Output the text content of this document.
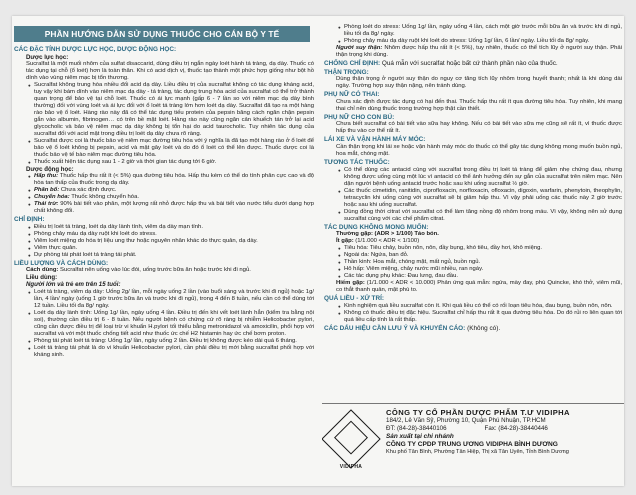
PHẦN HƯỚNG DẪN SỬ DỤNG THUỐC CHO CÁN BỘ Y TẾ
CÁC ĐẶC TÍNH DƯỢC LỰC HỌC, DƯỢC ĐỘNG HỌC:
Dược lực học:

Sucralfat là một muối nhôm của sulfat disaccarid, dùng điều trị ngắn ngày loét hành tá tràng, dạ dày. Thuốc có tác dụng tại chỗ (ổ loét) hơn là toàn thân. Khi có acid dịch vị, thuốc tạo thành một phức hợp giống như bột hồ dính vào vùng niêm mạc bị tổn thương.

● Sucralfat không trung hòa nhiều đối acid dạ dày. Liều điều trị của sucralfat không có tác dụng kháng acid, tuy vậy khi bám dính vào niêm mạc dạ dày - tá tràng, tác dụng trung hòa acid của sucralfat có thể trở thành quan trọng để bảo vệ tại chỗ loét. Thuốc có ái lực mạnh (gấp 6 - 7 lần so với niêm mạc dạ dày bình thường) đối với vùng loét và ái lực đối với ổ loét tá tràng lớn hơn loét dạ dày. Sucralfat đã tạo ra một hàng rào bảo vệ ổ loét. Hàng rào này đã có thể tác dụng tiếu protein của pepsin băng cách ngăn chặn pepsin gắn vào albumin, fibrinogen… có trên bề mặt loét. Hàng rào này cũng ngăn cản khuếch tán trở lại acid glycocholic và bảo vệ niêm mạc dạ dày không bị tổn hại do acid taurocholic. Tuy nhiên tác dụng của sucralfat đối với acid mật trong điều trị loét dạ dày chưa rõ ràng.
● Sucralfat được coi là thuốc bảo vệ niêm mạc đường tiêu hóa với ý nghĩa là đã tạo một hàng rào ở ổ loét để bảo vệ ổ loét không bị pepsin, acid và mật gây loét và do đó ổ loét có thể lên được. Thuốc dược coi là thuốc bảo vệ tế bào niêm mạc đường tiêu hóa.
● Thuốc xuất hiện tác dụng sau 1 - 2 giờ và thời gian tác dụng tới 6 giờ.
Dược động học:
● Hấp thu: Thuốc hấp thu rất ít (< 5%) qua đường tiêu hóa. Hấp thu kém có thể do tính phân cực cao và độ hòa tan thấp của thuốc trong dạ dày.
● Phân bố: Chưa xác định được.
● Chuyển hóa: Thuốc không chuyển hóa.
● Thải trừ: 90% bài tiết vào phân, một lượng rất nhỏ được hấp thu và bài tiết vào nước tiểu dưới dạng hợp chất không đổi.
CHỈ ĐỊNH:
● Điều trị loét tá tràng, loét dạ dày lành tính, viêm dạ dày mạn tính.
● Phòng chảy máu dạ dày ruột khi loét do stress.
● Viêm loét miệng do hóa trị liệu ung thư hoặc nguyên nhân khác do thực quản, dạ dày.
● Viêm thực quản.
● Dự phòng tái phát loét tá tràng tái phát.
LIỀU LƯỢNG VÀ CÁCH DÙNG:

Cách dùng: Sucralfat nên uống vào lúc đói, uống trước bữa ăn hoặc trước khi đi ngủ.

Liều dùng:
Người lớn và trẻ em trên 15 tuổi:
● Loét tá tràng, viêm dạ dày: Uống 2g/ lần, mỗi ngày uống 2 lần (vào buổi sáng và trước khi đi ngủ) hoặc 1g/ lần, 4 lần/ ngày (uống 1 giờ trước bữa ăn và trước khi đi ngủ), trong 4 đến 8 tuần, nếu cần có thể dùng tới 12 tuần. Liều tối đa 8g/ ngày.
● Loét dạ dày lành tính: Uống 1g/ lần, ngày uống 4 lần. Điều trị đến khi vết loét lành hẳn (kiểm tra bằng nội soi), thường cần điều trị 6 - 8 tuần. Nếu người bệnh có chứng cứ rõ ràng bị nhiễm Helicobacter pylori, cũng cần được điều trị để loại trừ vi khuẩn H.pylori tối thiểu bằng metronidazol và amoxicilin, phối hợp với sucralfat và với một thuốc chống tiết acid như thuốc ức chế H2 histamin hay ức chế bơm proton.
● Phòng tái phát loét tá tràng: Uống 1g/ lần, ngày uống 2 lần. Điều trị không được kéo dài quá 6 tháng.
● Loét tá tràng tái phát là do vi khuẩn Helicobacter pylori, cần phải điều trị mới bằng sucralfat phối hợp với kháng sinh.
● Phòng loét do stress: Uống 1g/ lần, ngày uống 4 lần, cách một giờ trước mỗi bữa ăn và trước khi đi ngủ, liều tối đa 8g/ ngày.
● Phòng chảy máu dạ dày ruột khi loét do stress: Uống 1g/ lần, 6 lần/ ngày. Liều tối đa 8g/ ngày.

Người suy thận: Nhôm được hấp thu rất ít (< 5%), tuy nhiên, thuốc có thể tích lũy ở người suy thận. Phải thận trọng khi dùng.

CHỐNG CHỈ ĐỊNH: Quá mẫn với sucralfat hoặc bất cứ thành phần nào của thuốc.
THẬN TRỌNG:

Dùng thận trọng ở người suy thận do nguy cơ tăng tích lũy nhôm trong huyết thanh; nhất là khi dùng dài ngày. Trường hợp suy thận nặng, nên tránh dùng.

PHỤ NỮ CÓ THAI:

Chưa xác định được tác dụng có hại đến thai. Thuốc hấp thu rất ít qua đường tiêu hóa. Tuy nhiên, khi mang thai chỉ nên dùng thuốc trong trường hợp thật cần thiết.

PHỤ NỮ CHO CON BÚ:

Chưa biết sucralfat có bài tiết vào sữa hay không. Nếu có bài tiết vào sữa mẹ cũng sẽ rất ít, vì thuốc được hấp thu vào cơ thể rất ít.

LÁI XE VÀ VẬN HÀNH MÁY MÓC:

Cần thận trọng khi lái xe hoặc vận hành máy móc do thuốc có thể gây tác dụng không mong muốn buồn ngủ, hoa mắt, chóng mặt.

TƯƠNG TÁC THUỐC:
● Có thể dùng các antacid cùng với sucralfat trong điều trị loét tá tràng để giảm nhẹ chứng đau, nhưng không được uống cùng một lúc vì antacid có thể ảnh hưởng đến sự gắn của sucralfat trên niêm mạc. Nên dặn người bệnh uống antacid trước hoặc sau khi uống sucralfat ½ giờ.
● Các thuốc cimetidin, ranitidin, ciprofloxacin, norfloxacin, ofloxacin, digoxin, warfarin, phenytoin, theophylin, tetracyclin khi uống cùng với sucralfat sẽ bị giảm hấp thu. Vì vậy phải uống các thuốc này 2 giờ trước hoặc sau khi uống sucralfat.
● Dùng đồng thời citrat với sucralfat có thể làm tăng nồng độ nhôm trong máu. Vì vậy, không nên sử dụng sucralfat cùng với các chế phẩm citrat.
TÁC DỤNG KHÔNG MONG MUỐN:

Thường gặp: (ADR > 1/100) Táo bón.

Ít gặp: (1/1.000 < ADR < 1/100)

● Tiêu hóa: Tiêu chảy, buồn nôn, nôn, đầy bụng, khó tiêu, đầy hơi, khô miệng.
● Ngoài da: Ngứa, ban đỏ.
● Thần kinh: Hoa mắt, chóng mặt, mất ngủ, buồn ngủ.
● Hô hấp: Viêm miệng, chảy nước mũi nhiều, ran ngáy.
● Các tác dụng phụ khác: Đau lưng, đau đầu.

Hiếm gặp: (1/1.000 < ADR < 10.000) Phản ứng quá mẫn: ngứa, mày đay, phù Quincke, khó thở, viêm mũi, co thắt thanh quản, mặt phù to.

QUÁ LIỀU - XỬ TRÍ:
● Kinh nghiệm quá liều sucralfat còn ít. Khi quá liều có thể có rối loạn tiêu hóa, đau bụng, buồn nôn, nôn.
● Không có thuốc điều trị đặc hiệu. Sucralfat chỉ hấp thu rất ít qua đường tiêu hóa. Do đó rủi ro liên quan tới quá liều cấp tính là rất thấp.
CÁC DẤU HIỆU CẦN LƯU Ý VÀ KHUYẾN CÁO: (Không có).
VIDIPHA
CÔNG TY CỔ PHẦN DƯỢC PHẨM T.Ư VIDIPHA
184/2, Lê Văn Sỹ, Phường 10, Quận Phú Nhuận, TP.HCM
ĐT: (84-28)-38440106	Fax: (84-28)-38440446
Sản xuất tại chi nhánh
CÔNG TY CPDP TRUNG ƯƠNG VIDIPHA BÌNH DƯƠNG
Khu phố Tân Bình, Phường Tân Hiệp, Thị xã Tân Uyên, Tỉnh Bình Dương
